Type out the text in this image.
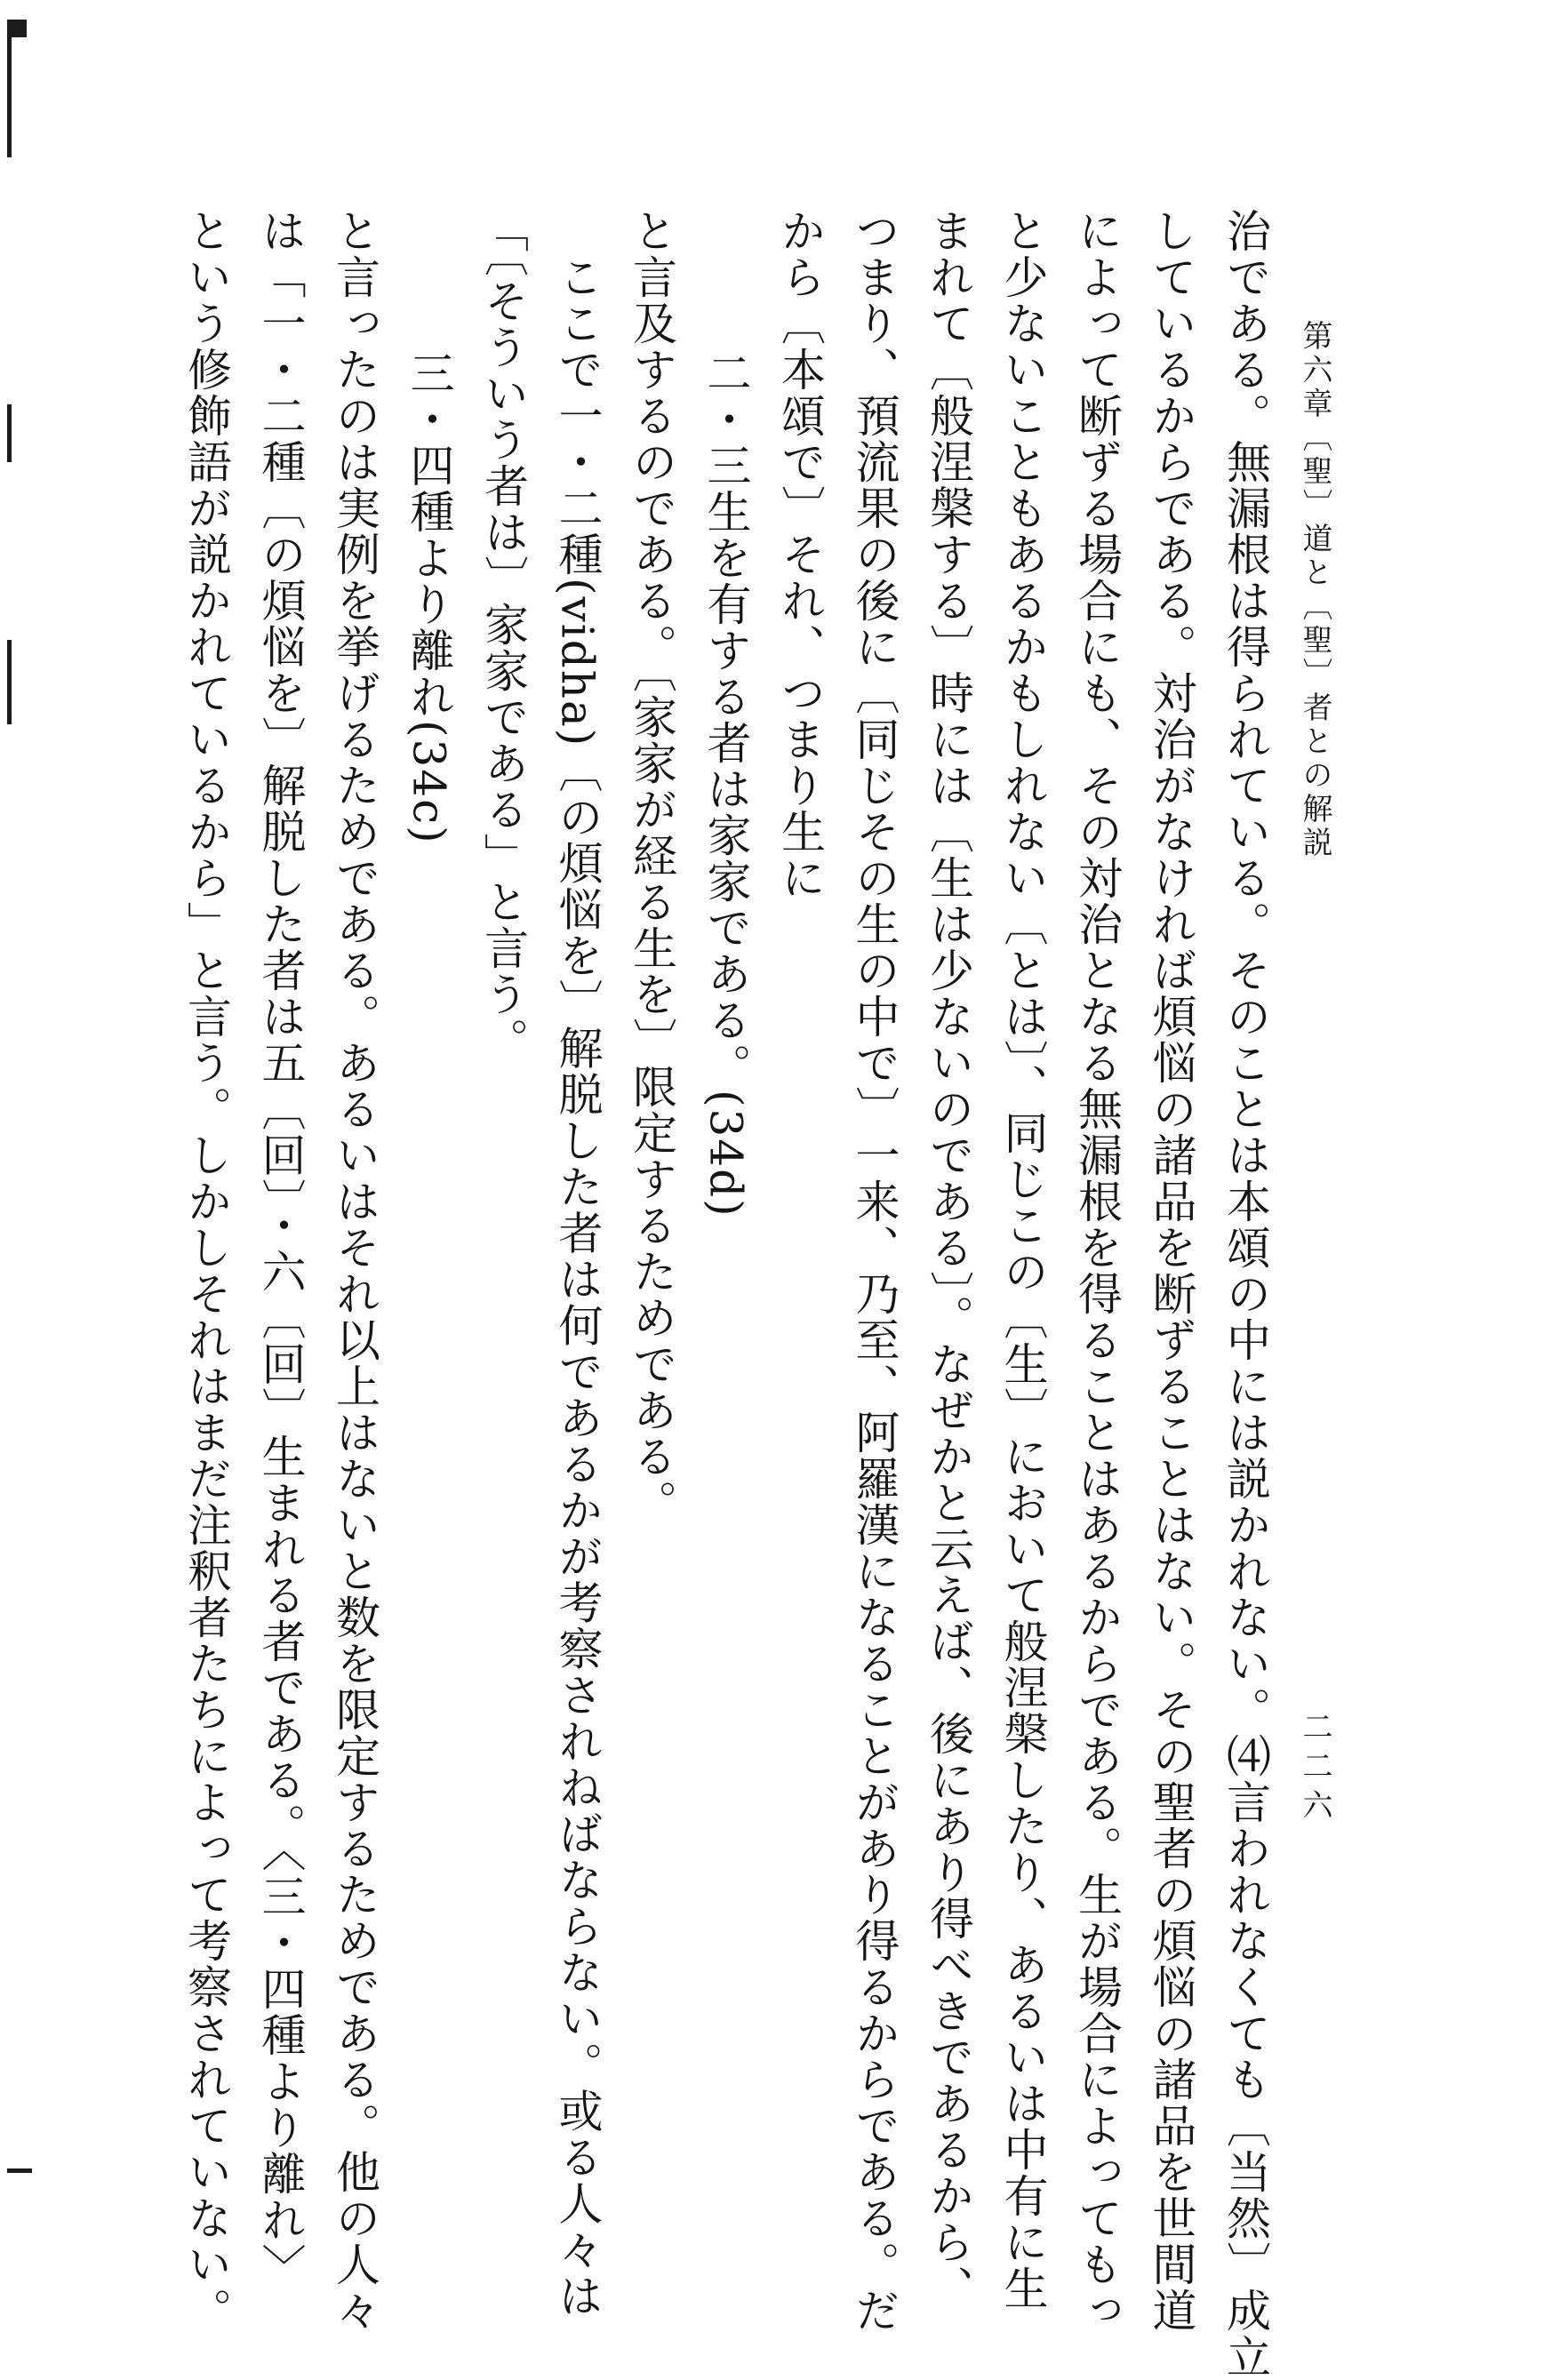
第六章〔聖〕道と〔聖〕者との解説
二二六
治である。無漏根は得られている。そのことは本頌の中には説かれない。⑷言われなくても〔当然〕成立
しているからである。対治がなければ煩悩の諸品を断ずることはない。その聖者の煩悩の諸品を世間道
によって断ずる場合にも、その対治となる無漏根を得ることはあるからである。生が場合によってもっ
と少ないこともあるかもしれない〔とは〕、同じこの〔生〕において般涅槃したり、あるいは中有に生
まれて〔般涅槃する〕時には〔生は少ないのである〕。なぜかと云えば、後にあり得べきであるから、
つまり、預流果の後に〔同じその生の中で〕一来、乃至、阿羅漢になることがあり得るからである。だ
から〔本頌で〕それ、つまり生に
二・三生を有する者は家家である。(34d)
と言及するのである。〔家家が経る生を〕限定するためである。
ここで一・二種(vidha)〔の煩悩を〕解脱した者は何であるかが考察されねばならない。或る人々は
「〔そういう者は〕家家である」と言う。
三・四種より離れ(34c)
と言ったのは実例を挙げるためである。あるいはそれ以上はないと数を限定するためである。他の人々
は「一・二種〔の煩悩を〕解脱した者は五〔回〕・六〔回〕生まれる者である。〈三・四種より離れ〉
という修飾語が説かれているから」と言う。しかしそれはまだ注釈者たちによって考察されていない。
